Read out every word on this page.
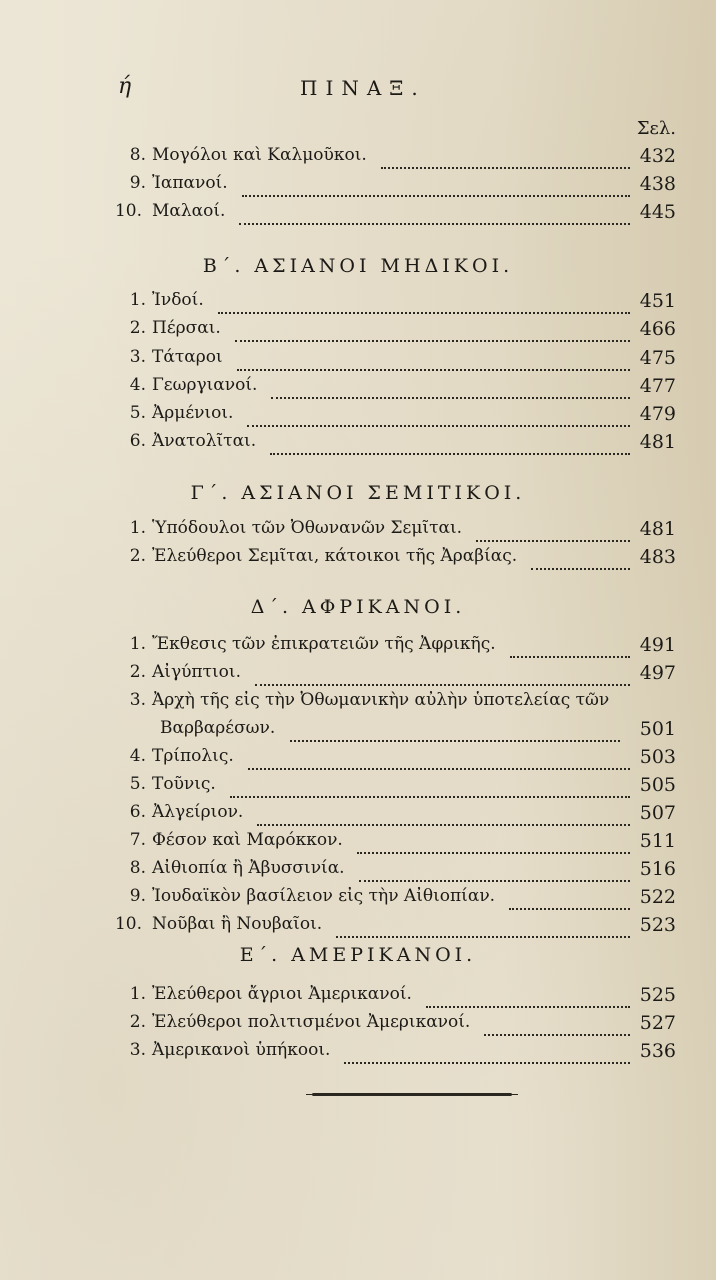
ή	ΠΙΝΑΞ.
Σελ.
8. Μογόλοι καὶ Καλμοῦκοι.	432
9. Ἰαπανοί.	438
10. Μαλαοί.	445
Β΄. ΑΣΙΑΝΟΙ ΜΗΔΙΚΟΙ.
1. Ἰνδοί.	451
2. Πέρσαι.	466
3. Τάταροι	475
4. Γεωργιανοί.	477
5. Ἀρμένιοι.	479
6. Ἀνατολῖται.	481
Γ΄. ΑΣΙΑΝΟΙ ΣΕΜΙΤΙΚΟΙ.
1. Ὑπόδουλοι τῶν Ὀθωνανῶν Σεμῖται.	481
2. Ἐλεύθεροι Σεμῖται, κάτοικοι τῆς Ἀραβίας.	483
Δ΄. ΑΦΡΙΚΑΝΟΙ.
1. Ἔκθεσις τῶν ἐπικρατειῶν τῆς Ἀφρικῆς.	491
2. Αἰγύπτιοι.	497
3. Ἀρχὴ τῆς εἰς τὴν Ὀθωμανικὴν αὐλὴν ὑποτελείας τῶν
Βαρβαρέσων.	501
4. Τρίπολις.	503
5. Τοῦνις.	505
6. Ἀλγείριον.	507
7. Φέσον καὶ Μαρόκκον.	511
8. Αἰθιοπία ἢ Ἀβυσσινία.	516
9. Ἰουδαϊκὸν βασίλειον εἰς τὴν Αἰθιοπίαν.	522
10. Νοῦβαι ἢ Νουβαῖοι.	523
Ε΄. ΑΜΕΡΙΚΑΝΟΙ.
1. Ἐλεύθεροι ἄγριοι Ἀμερικανοί.	525
2. Ἐλεύθεροι πολιτισμένοι Ἀμερικανοί.	527
3. Ἀμερικανοὶ ὑπήκοοι.	536
